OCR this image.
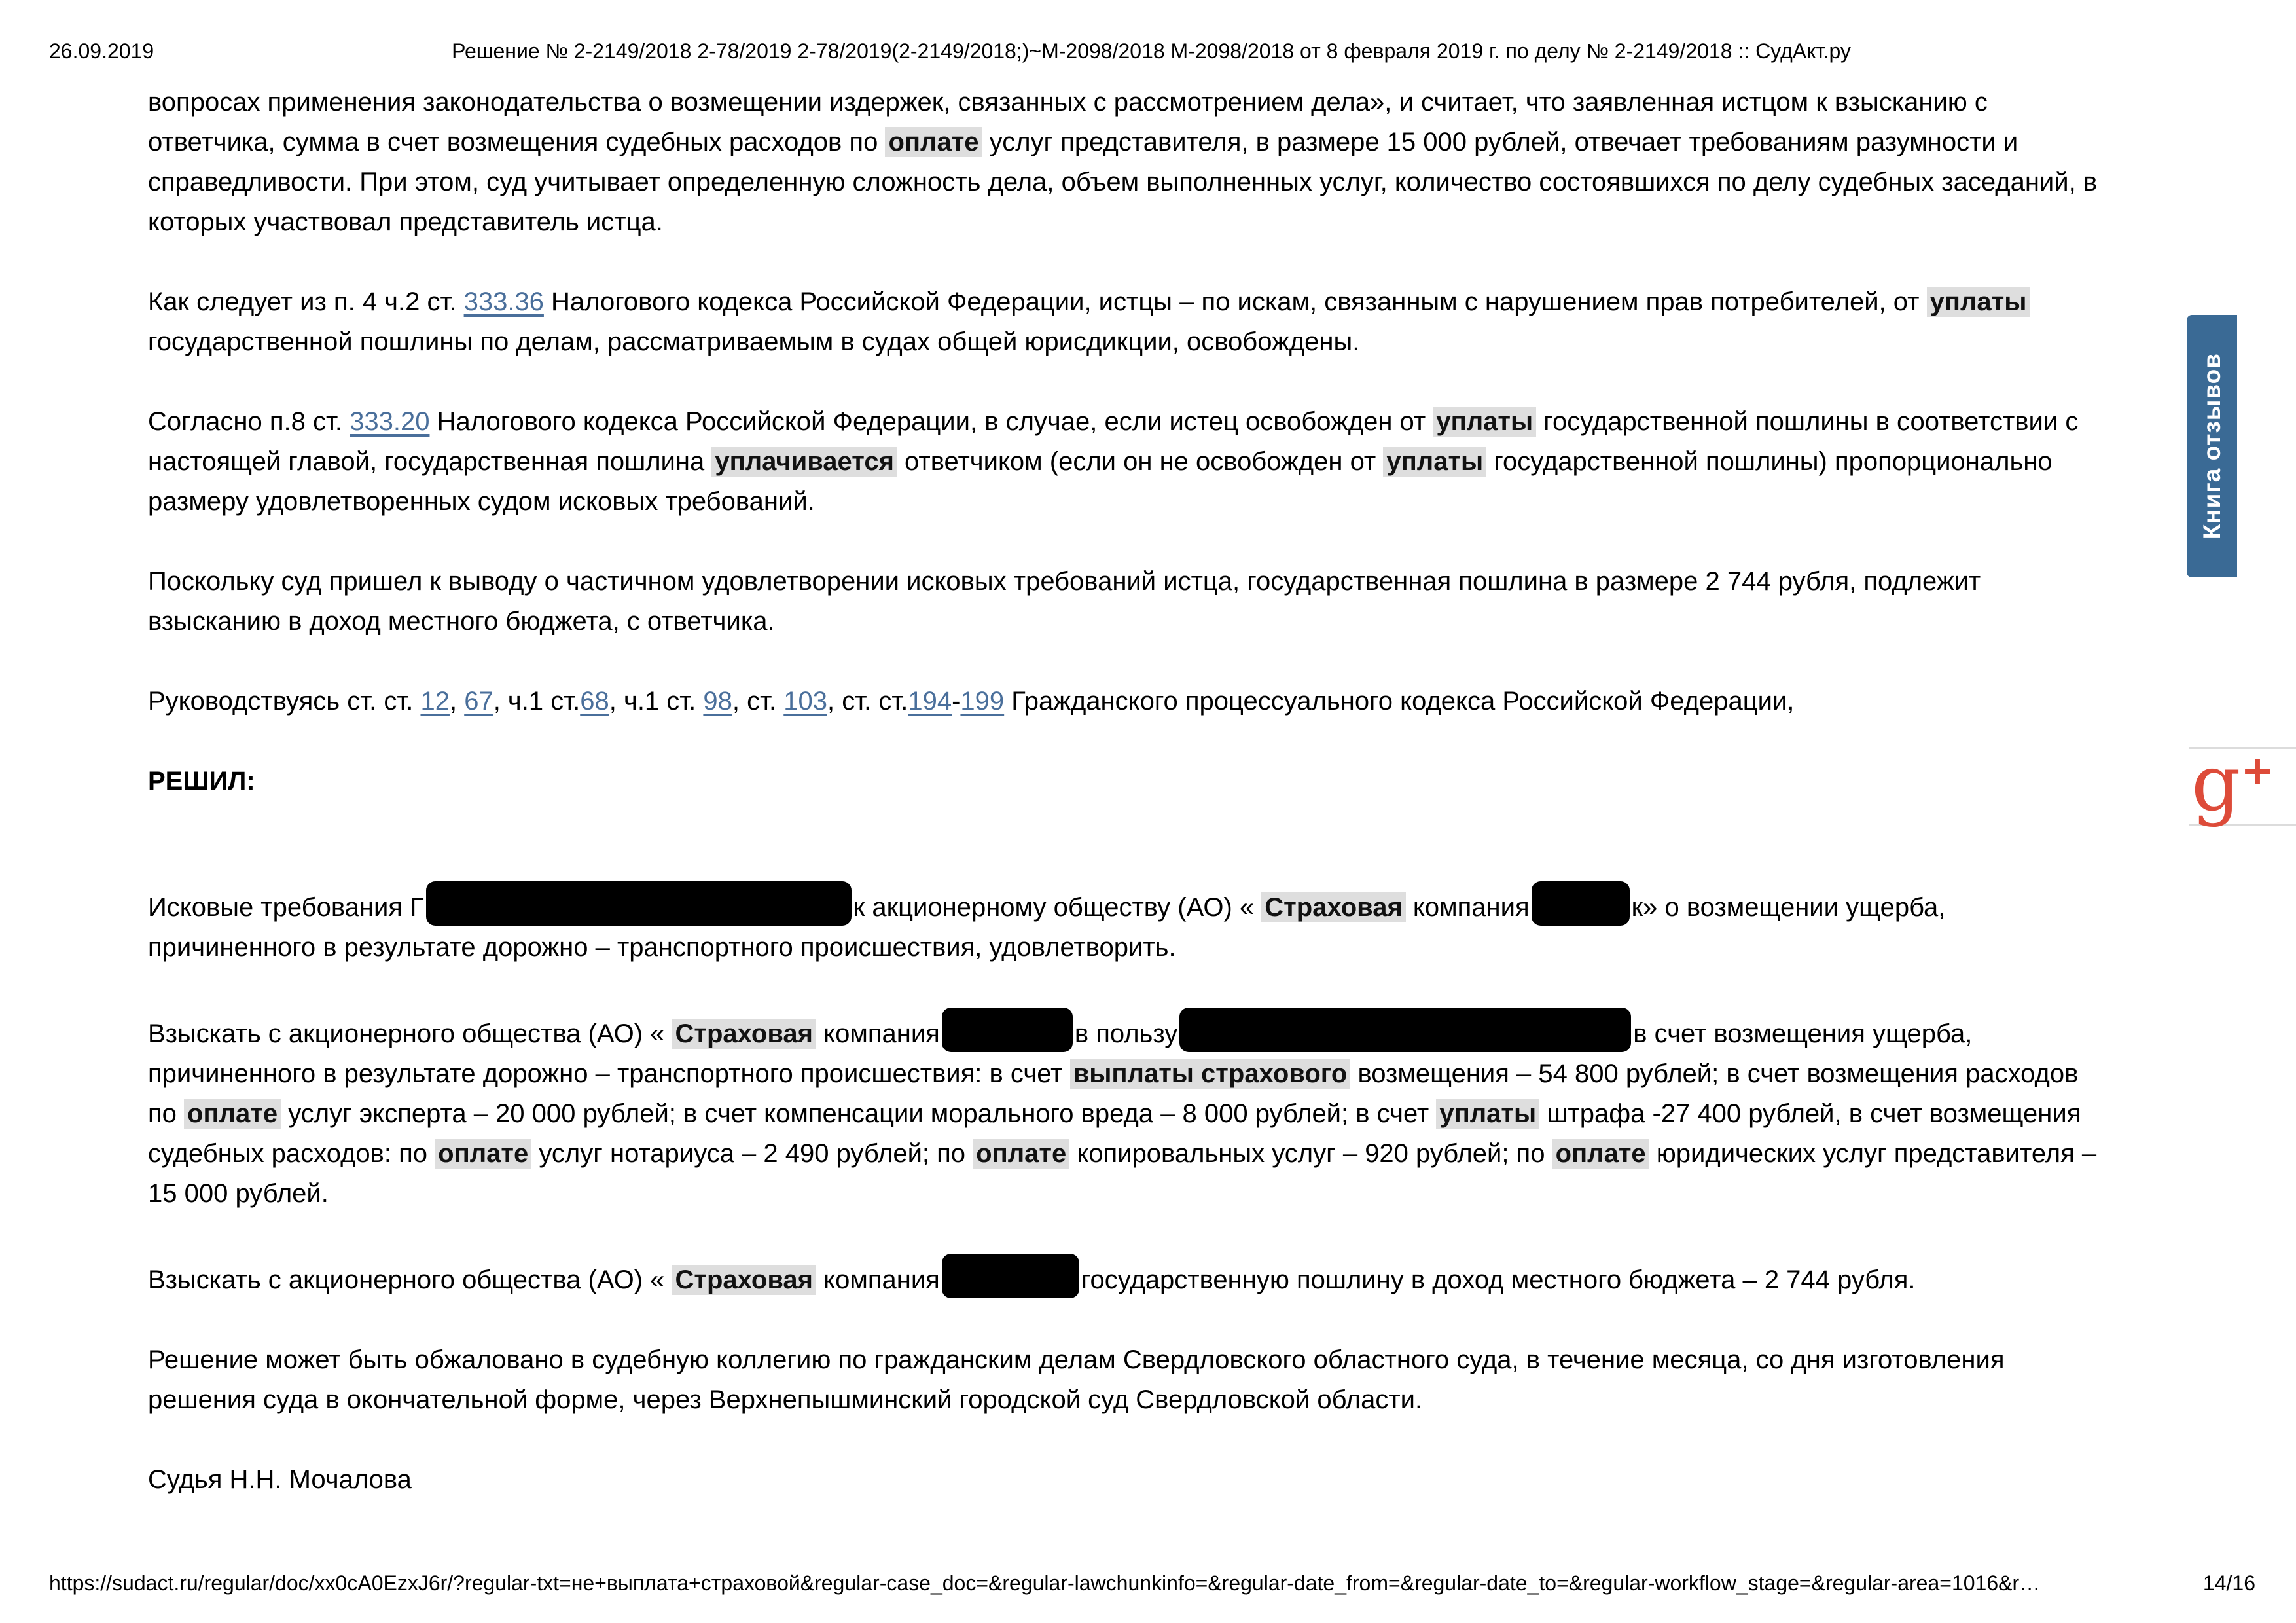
26.09.2019	Решение № 2-2149/2018 2-78/2019 2-78/2019(2-2149/2018;)~М-2098/2018 М-2098/2018 от 8 февраля 2019 г. по делу № 2-2149/2018 :: СудАкт.ру

вопросах применения законодательства о возмещении издержек, связанных с рассмотрением дела», и считает, что заявленная истцом к взысканию с ответчика, сумма в счет возмещения судебных расходов по оплате услуг представителя, в размере 15 000 рублей, отвечает требованиям разумности и справедливости. При этом, суд учитывает определенную сложность дела, объем выполненных услуг, количество состоявшихся по делу судебных заседаний, в которых участвовал представитель истца.

Как следует из п. 4 ч.2 ст. 333.36 Налогового кодекса Российской Федерации, истцы – по искам, связанным с нарушением прав потребителей, от уплаты государственной пошлины по делам, рассматриваемым в судах общей юрисдикции, освобождены.

Согласно п.8 ст. 333.20 Налогового кодекса Российской Федерации, в случае, если истец освобожден от уплаты государственной пошлины в соответствии с настоящей главой, государственная пошлина уплачивается ответчиком (если он не освобожден от уплаты государственной пошлины) пропорционально размеру удовлетворенных судом исковых требований.

Поскольку суд пришел к выводу о частичном удовлетворении исковых требований истца, государственная пошлина в размере 2 744 рубля, подлежит взысканию в доход местного бюджета, с ответчика.

Руководствуясь ст. ст. 12, 67, ч.1 ст.68, ч.1 ст. 98, ст. 103, ст. ст.194-199 Гражданского процессуального кодекса Российской Федерации,

РЕШИЛ:

Исковые требования Г	к акционерному обществу (АО) « Страховая компания	к» о возмещении ущерба, причиненного в результате дорожно – транспортного происшествия, удовлетворить.

Взыскать с акционерного общества (АО) « Страховая компания	в пользу	в счет возмещения ущерба, причиненного в результате дорожно – транспортного происшествия: в счет выплаты страхового возмещения – 54 800 рублей; в счет возмещения расходов по оплате услуг эксперта – 20 000 рублей; в счет компенсации морального вреда – 8 000 рублей; в счет уплаты штрафа -27 400 рублей, в счет возмещения судебных расходов: по оплате услуг нотариуса – 2 490 рублей; по оплате копировальных услуг – 920 рублей; по оплате юридических услуг представителя – 15 000 рублей.

Взыскать с акционерного общества (АО) « Страховая компания	государственную пошлину в доход местного бюджета – 2 744 рубля.

Решение может быть обжаловано в судебную коллегию по гражданским делам Свердловского областного суда, в течение месяца, со дня изготовления решения суда в окончательной форме, через Верхнепышминский городской суд Свердловской области.

Судья Н.Н. Мочалова

Книга отзывов
g +
https://sudact.ru/regular/doc/xx0cA0EzxJ6r/?regular-txt=не+выплата+страховой&regular-case_doc=&regular-lawchunkinfo=&regular-date_from=&regular-date_to=&regular-workflow_stage=&regular-area=1016&r…	14/16
